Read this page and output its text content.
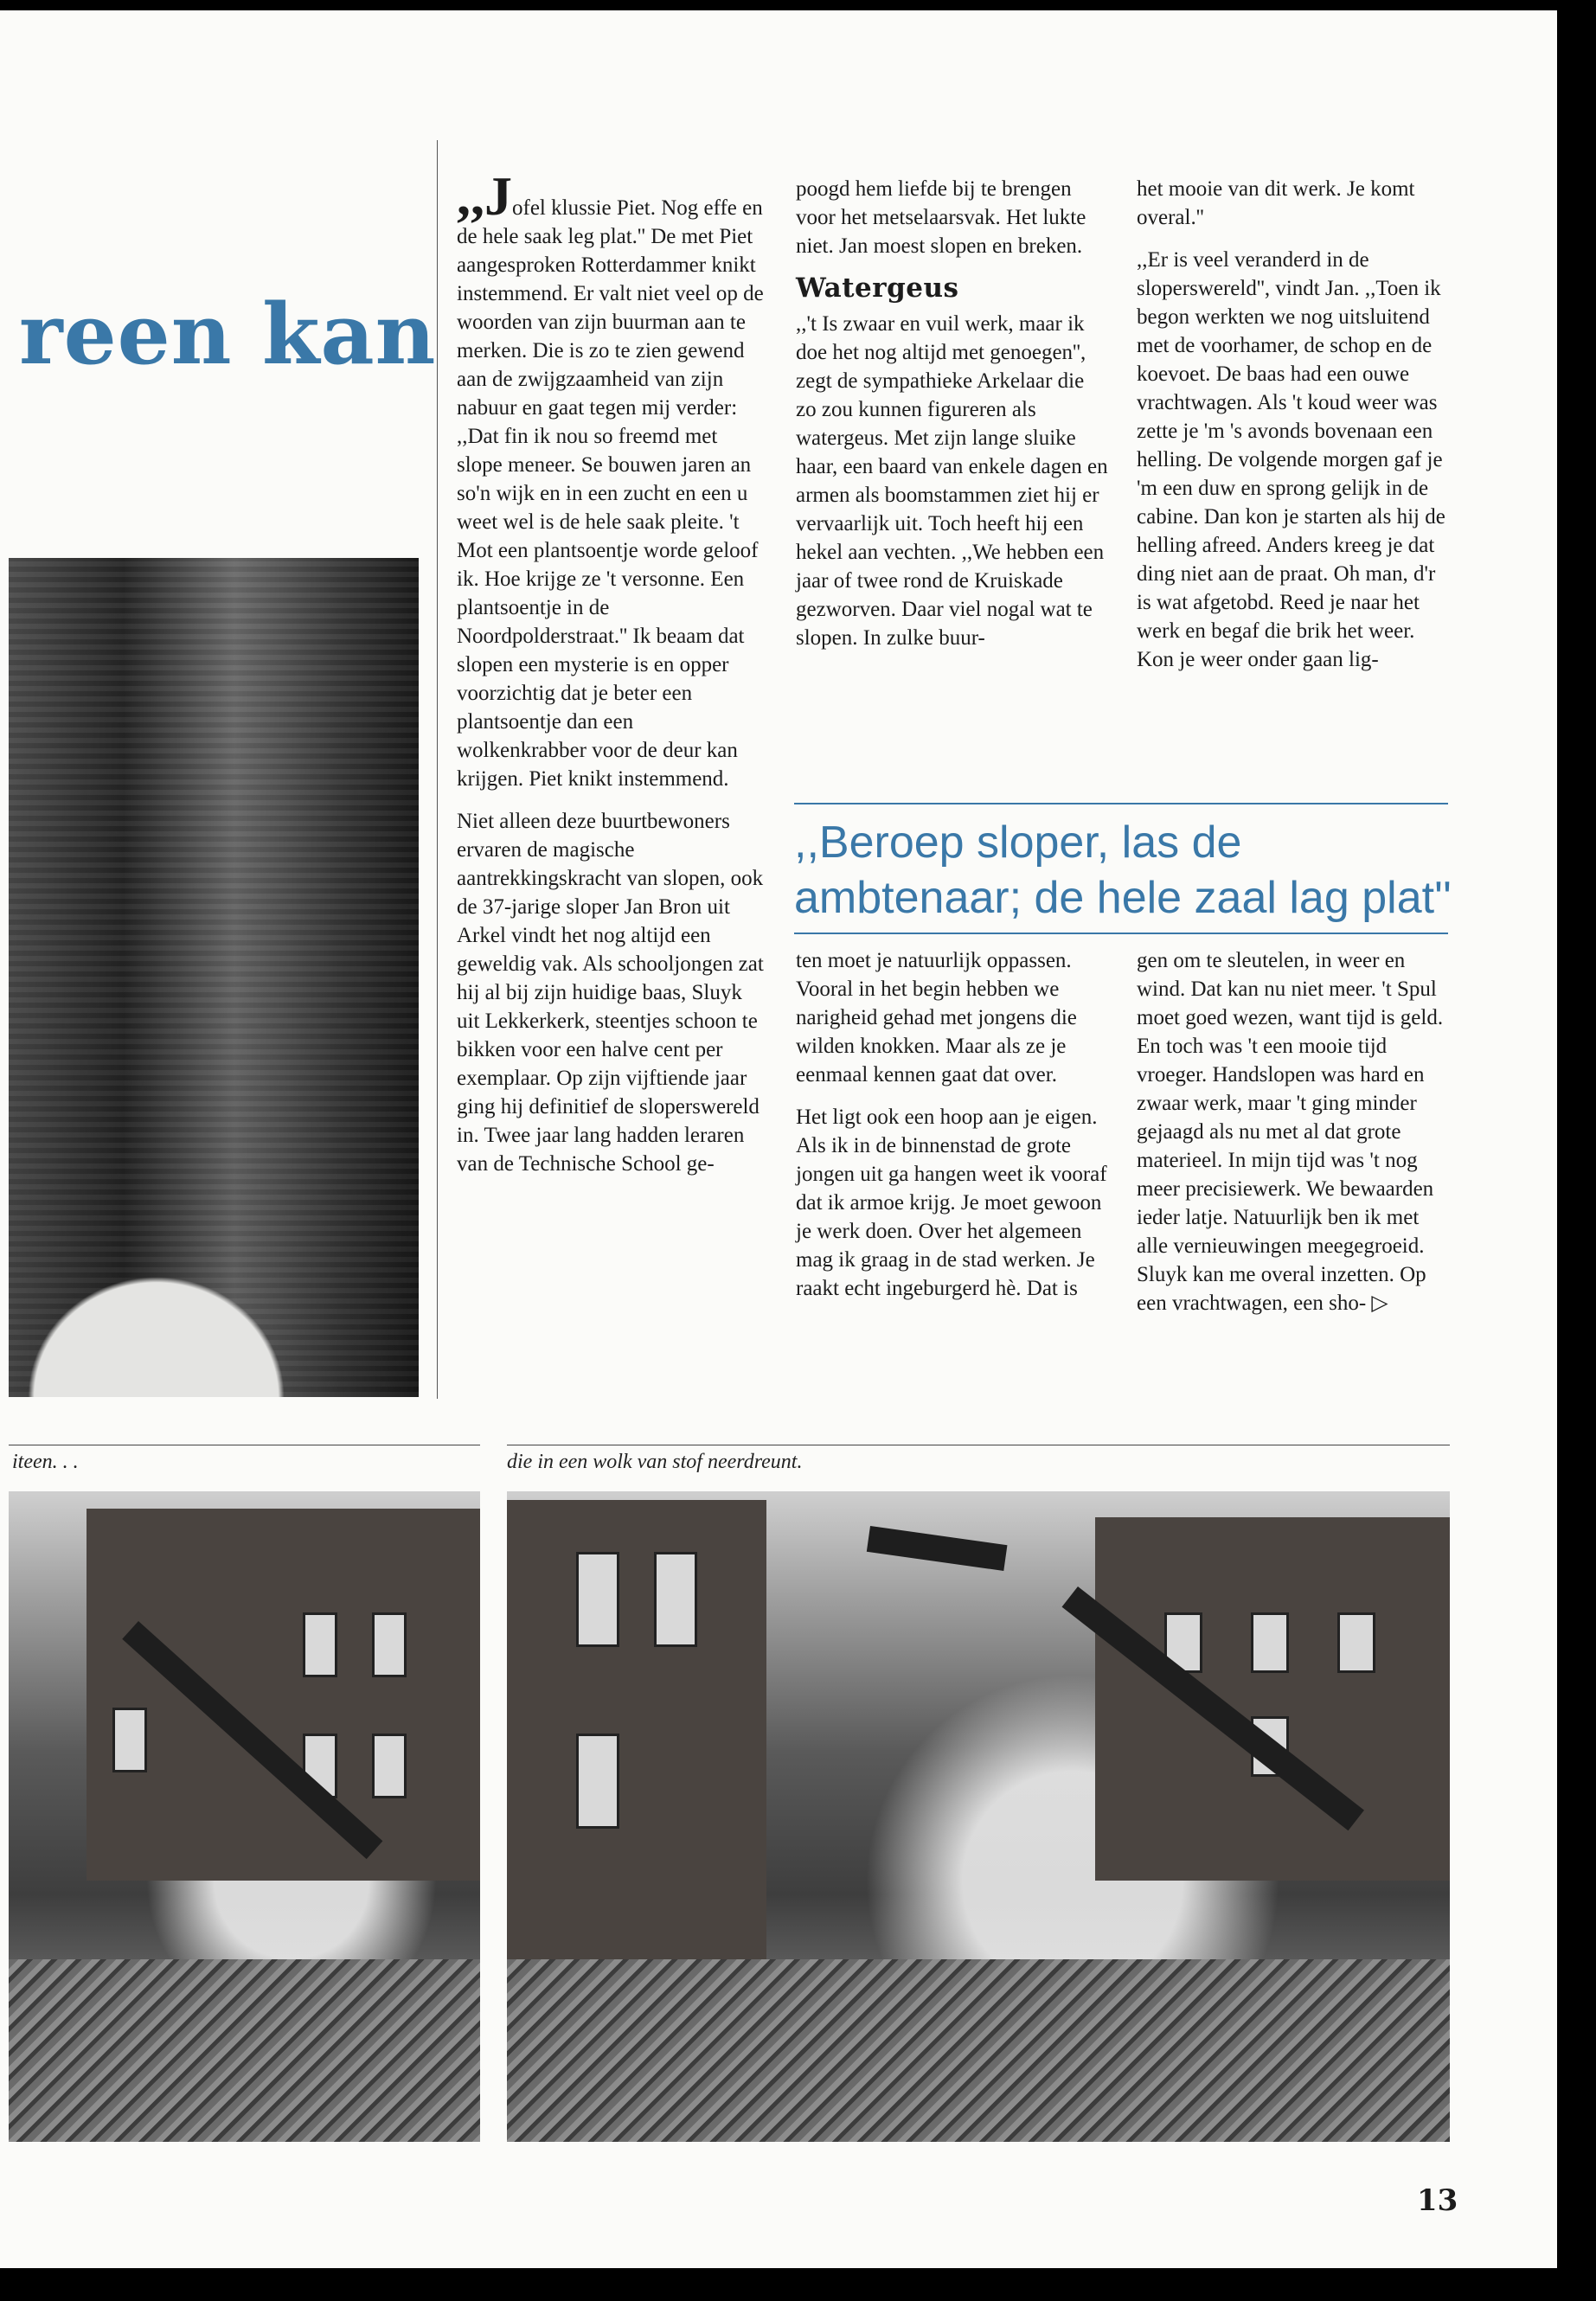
reen kan

,,Jofel klussie Piet. Nog effe en de hele saak leg plat.'' De met Piet aangesproken Rotterdammer knikt instemmend. Er valt niet veel op de woorden van zijn buurman aan te merken. Die is zo te zien gewend aan de zwijgzaamheid van zijn nabuur en gaat tegen mij verder: ,,Dat fin ik nou so freemd met slope meneer. Se bouwen jaren an so'n wijk en in een zucht en een u weet wel is de hele saak pleite. 't Mot een plantsoentje worde geloof ik. Hoe krijge ze 't versonne. Een plantsoentje in de Noordpolderstraat.'' Ik beaam dat slopen een mysterie is en opper voorzichtig dat je beter een plantsoentje dan een wolkenkrabber voor de deur kan krijgen. Piet knikt instemmend.

Niet alleen deze buurtbewoners ervaren de magische aantrekkingskracht van slopen, ook de 37-jarige sloper Jan Bron uit Arkel vindt het nog altijd een geweldig vak. Als schooljongen zat hij al bij zijn huidige baas, Sluyk uit Lekkerkerk, steentjes schoon te bikken voor een halve cent per exemplaar. Op zijn vijftiende jaar ging hij definitief de sloperswereld in. Twee jaar lang hadden leraren van de Technische School ge-

poogd hem liefde bij te brengen voor het metselaarsvak. Het lukte niet. Jan moest slopen en breken.

Watergeus

,,'t Is zwaar en vuil werk, maar ik doe het nog altijd met genoegen'', zegt de sympathieke Arkelaar die zo zou kunnen figureren als watergeus. Met zijn lange sluike haar, een baard van enkele dagen en armen als boomstammen ziet hij er vervaarlijk uit. Toch heeft hij een hekel aan vechten. ,,We hebben een jaar of twee rond de Kruiskade gezworven. Daar viel nogal wat te slopen. In zulke buur-

het mooie van dit werk. Je komt overal.''

,,Er is veel veranderd in de sloperswereld'', vindt Jan. ,,Toen ik begon werkten we nog uitsluitend met de voorhamer, de schop en de koevoet. De baas had een ouwe vrachtwagen. Als 't koud weer was zette je 'm 's avonds bovenaan een helling. De volgende morgen gaf je 'm een duw en sprong gelijk in de cabine. Dan kon je starten als hij de helling afreed. Anders kreeg je dat ding niet aan de praat. Oh man, d'r is wat afgetobd. Reed je naar het werk en begaf die brik het weer. Kon je weer onder gaan lig-

,,Beroep sloper, las de ambtenaar; de hele zaal lag plat''

ten moet je natuurlijk oppassen. Vooral in het begin hebben we narigheid gehad met jongens die wilden knokken. Maar als ze je eenmaal kennen gaat dat over.

Het ligt ook een hoop aan je eigen. Als ik in de binnenstad de grote jongen uit ga hangen weet ik vooraf dat ik armoe krijg. Je moet gewoon je werk doen. Over het algemeen mag ik graag in de stad werken. Je raakt echt ingeburgerd hè. Dat is

gen om te sleutelen, in weer en wind. Dat kan nu niet meer. 't Spul moet goed wezen, want tijd is geld. En toch was 't een mooie tijd vroeger. Handslopen was hard en zwaar werk, maar 't ging minder gejaagd als nu met al dat grote materieel. In mijn tijd was 't nog meer precisiewerk. We bewaarden ieder latje. Natuurlijk ben ik met alle vernieuwingen meegegroeid. Sluyk kan me overal inzetten. Op een vrachtwagen, een sho- ▷

iteen. . .	die in een wolk van stof neerdreunt.

13
